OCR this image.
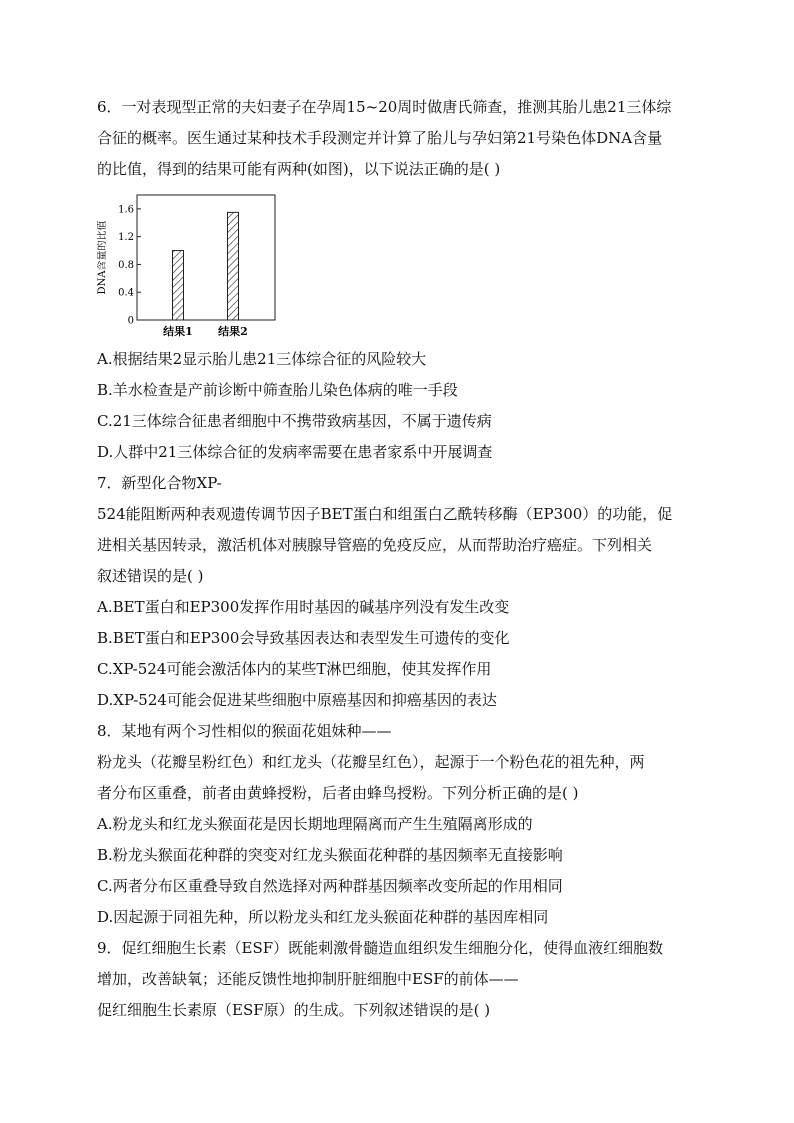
6．一对表现型正常的夫妇妻子在孕周15~20周时做唐氏筛查，推测其胎儿患21三体综
合征的概率。医生通过某种技术手段测定并计算了胎儿与孕妇第21号染色体DNA含量
的比值，得到的结果可能有两种(如图)，以下说法正确的是( )
DNA含量的比值
0
0.4
0.8
1.2
1.6
结果1 结果2
A.根据结果2显示胎儿患21三体综合征的风险较大
B.羊水检查是产前诊断中筛查胎儿染色体病的唯一手段
C.21三体综合征患者细胞中不携带致病基因，不属于遗传病
D.人群中21三体综合征的发病率需要在患者家系中开展调查
7．新型化合物XP-
524能阻断两种表观遗传调节因子BET蛋白和组蛋白乙酰转移酶（EP300）的功能，促
进相关基因转录，激活机体对胰腺导管癌的免疫反应，从而帮助治疗癌症。下列相关
叙述错误的是( )
A.BET蛋白和EP300发挥作用时基因的碱基序列没有发生改变
B.BET蛋白和EP300会导致基因表达和表型发生可遗传的变化
C.XP-524可能会激活体内的某些T淋巴细胞，使其发挥作用
D.XP-524可能会促进某些细胞中原癌基因和抑癌基因的表达
8．某地有两个习性相似的猴面花姐妹种——
粉龙头（花瓣呈粉红色）和红龙头（花瓣呈红色），起源于一个粉色花的祖先种，两
者分布区重叠，前者由黄蜂授粉，后者由蜂鸟授粉。下列分析正确的是( )
A.粉龙头和红龙头猴面花是因长期地理隔离而产生生殖隔离形成的
B.粉龙头猴面花种群的突变对红龙头猴面花种群的基因频率无直接影响
C.两者分布区重叠导致自然选择对两种群基因频率改变所起的作用相同
D.因起源于同祖先种，所以粉龙头和红龙头猴面花种群的基因库相同
9．促红细胞生长素（ESF）既能刺激骨髓造血组织发生细胞分化，使得血液红细胞数
增加，改善缺氧；还能反馈性地抑制肝脏细胞中ESF的前体——
促红细胞生长素原（ESF原）的生成。下列叙述错误的是( )
